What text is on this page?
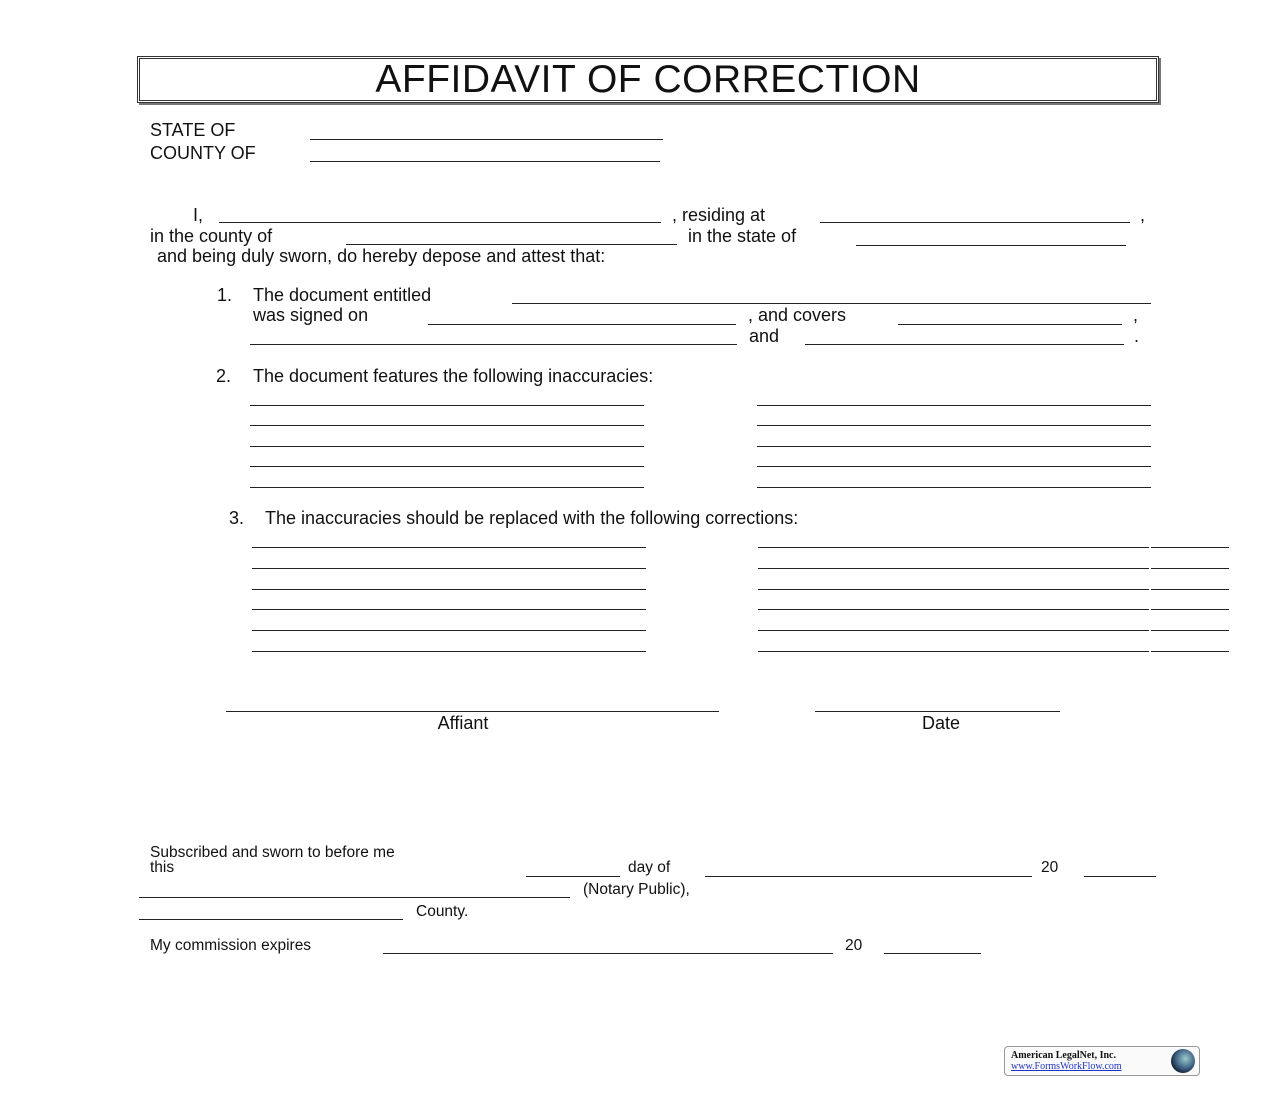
AFFIDAVIT OF CORRECTION
STATE OF
COUNTY OF
I,	, residing at	,
in the county of	in the state of
and being duly sworn, do hereby depose and attest that:
1. The document entitled
was signed on	, and covers	,
and	.
2. The document features the following inaccuracies:
3. The inaccuracies should be replaced with the following corrections:
Affiant	Date
Subscribed and sworn to before me
this	day of	20
(Notary Public),
County.
My commission expires	20
American LegalNet, Inc.
www.FormsWorkFlow.com
